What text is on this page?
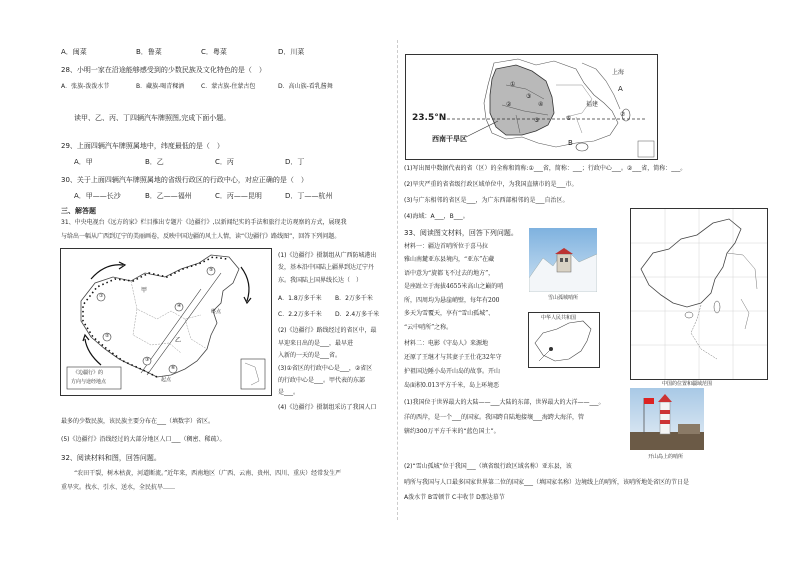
A．闽菜	B．鲁菜	C．粤菜	D．川菜
28、小明一家在沿途能够感受到的少数民族及文化特色的是（　）
A．张族-泼泼水节	B．藏族-喝青稞酒	C．蒙古族-住蒙古包	D．高山族-看乳酱舞
读甲、乙、丙、丁四辆汽车牌照图,完成下面小题。
29、上面四辆汽车牌照属地中，纬度最低的是（　）
A．甲	B．乙	C．丙	D．丁
30、关于上面四辆汽车牌照属地的省级行政区的行政中心，对应正确的是（　）
A．甲——长沙	B．乙——福州	C．丙——昆明	D．丁——杭州
三、解答题
31、中央电视台《远方的家》栏目推出专题片《边疆行》,以新闻纪实的手法和旅行走访观察的方式，展现我
与给出一幅从广西到辽宁的美丽画卷，反映中国边疆的风土人情，读“《边疆行》路线图”，回答下列问题。
①
②
③
④
⑤
⑥
甲
乙
终点
起点
《边疆行》的
方向与途经地点
(1)《边疆行》摄制组从广西防城港出
发，基本沿中国陆上疆界到达辽宁丹
东。我国陆上国界线长达（　）
A．1.8万多千米 B．2万多千米
C．2.2万多千米 D．2.4万多千米
(2)《边疆行》路线经过的省区中，最
早迎来日出的是___，最早进
入新的一天的是___省。
(3)①省区的行政中心是___，②省区
的行政中心是___。甲代表的东部
是___。
(4)《边疆行》摄制组采访了我国人口
最多的少数民族，该民族主要分布在___（填数字）省区。
(5)《边疆行》沿线经过的大部分地区人口___（稠密、稀疏）。
32、阅读材料和图，回答问题。
“农田干裂，树木枯黄，河道断流。”近年来，西南地区（广西、云南、贵州、四川、重庆）经常发生严
重旱灾。找水、引水、送水，全民抗旱……
上海
福建
A
B
23.5°N
西南干旱区
①
②
③
④
⑤	⑥
⑦
(1)写出图中数据代表的省（区）的全称和简称:①___省，简称：___；行政中心___。②___省，简称：___。
(2)旱灾严重的省省级行政区域单位中，为我国直辖市的是___市。
(3)与广东相邻的省区是___，为广东西部相邻的是___自治区。
(4)海域：A___，B___。
33、阅读图文材料，回答下列问题。
材料一：疆边首哨所位于喜马拉
雅山南麓亚东县境内，“亚东”在藏
语中意为“旋都飞不过去的地方”，
是座趾立于海拔4655米高山之巅的哨
所，四周均为悬崖峭壁，每年有200
多天为雪覆天，享有“雪山孤城”、
“云中哨所”之称。
材料二：电影《守岛人》来源地
还原了王继才与其妻子王仕花32年守
护祖国边陲小岛开山岛的故事。开山
岛面积0.013平方千米，岛上环境恶
雪山孤城哨所
中华人民共和国
中国的位置和疆域范围
开山岛上的哨所
(1)我国位于世界最大的大陆——___大陆的东部，世界最大的大洋——___。
洋的西岸，是一个___的国家。我国跨自陆地接壤___海跨大海洋，管
辖约300万平方千米的“蓝色国土”。
(2)“雪山孤城”位于我国___（填省级行政区域名称）亚东县，该
哨所与我国与人口最多国家世界第二位的国家___（填国家名称）边境线上的哨所，该哨所地处省区的节日是
A泼水节 B雪顿节 C丰收节 D那达慕节
